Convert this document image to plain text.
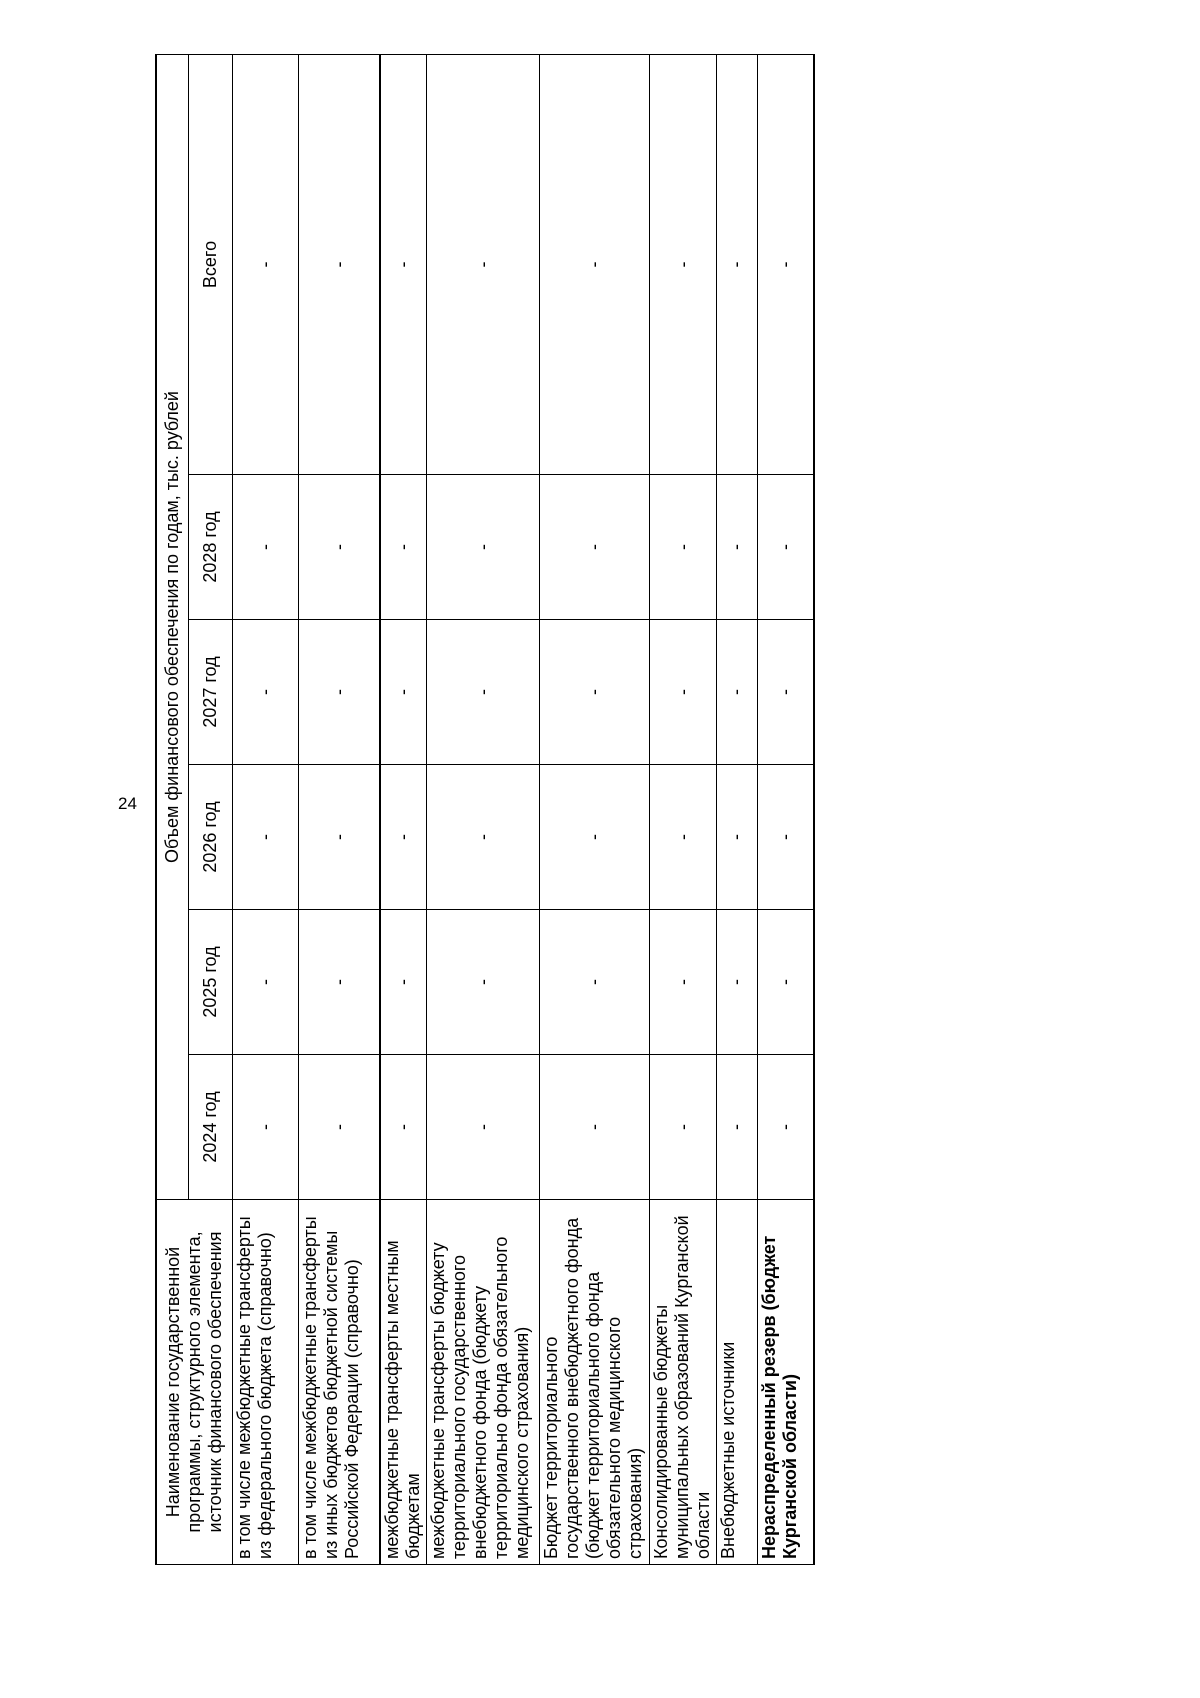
24
Наименование государственной программы, структурного элемента, источник финансового обеспечения	Объем финансового обеспечения по годам, тыс. рублей					
	2024 год	2025 год	2026 год	2027 год	2028 год	Всего
в том числе межбюджетные трансферты из федерального бюджета (справочно)	-	-	-	-	-	-
в том числе межбюджетные трансферты из иных бюджетов бюджетной системы Российской Федерации (справочно)	-	-	-	-	-	-
межбюджетные трансферты местным бюджетам	-	-	-	-	-	-
межбюджетные трансферты бюджету территориального государственного внебюджетного фонда (бюджету территориально фонда обязательного медицинского страхования)	-	-	-	-	-	-
Бюджет территориального государственного внебюджетного фонда (бюджет территориального фонда обязательного медицинского страхования)	-	-	-	-	-	-
Консолидированные бюджеты муниципальных образований Курганской области	-	-	-	-	-	-
Внебюджетные источники	-	-	-	-	-	-
Нераспределенный резерв (бюджет Курганской области)	-	-	-	-	-	-
